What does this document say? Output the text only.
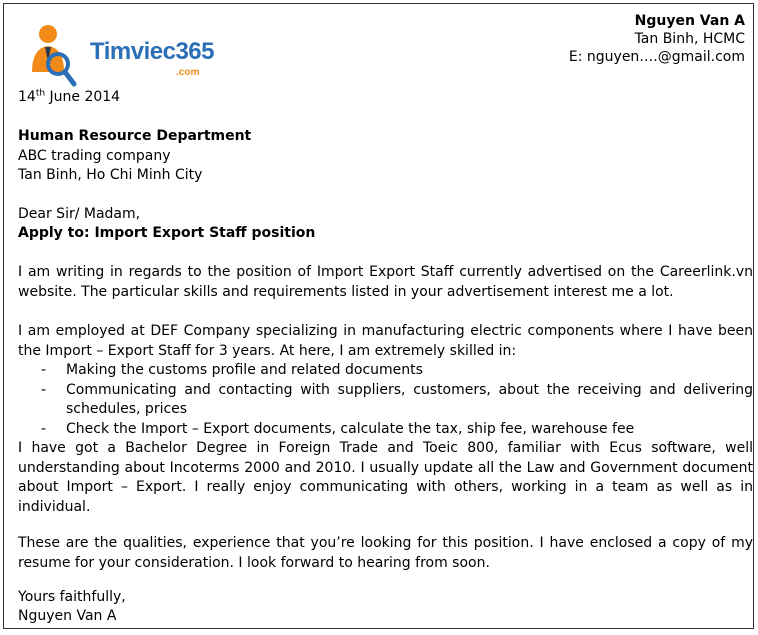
Timviec365
.com
Nguyen Van A
Tan Binh, HCMC
E: nguyen….@gmail.com
14th June 2014
Human Resource Department
ABC trading company
Tan Binh, Ho Chi Minh City
Dear Sir/ Madam,
Apply to: Import Export Staff position
I am writing in regards to the position of Import Export Staff currently advertised on the Careerlink.vn website. The particular skills and requirements listed in your advertisement interest me a lot.
I am employed at DEF Company specializing in manufacturing electric components where I have been the Import – Export Staff for 3 years. At here, I am extremely skilled in:
- Making the customs profile and related documents
- Communicating and contacting with suppliers, customers, about the receiving and delivering schedules, prices
- Check the Import – Export documents, calculate the tax, ship fee, warehouse fee
I have got a Bachelor Degree in Foreign Trade and Toeic 800, familiar with Ecus software, well understanding about Incoterms 2000 and 2010. I usually update all the Law and Government document about Import – Export. I really enjoy communicating with others, working in a team as well as in individual.
These are the qualities, experience that you’re looking for this position. I have enclosed a copy of my resume for your consideration. I look forward to hearing from soon.
Yours faithfully,
Nguyen Van A
